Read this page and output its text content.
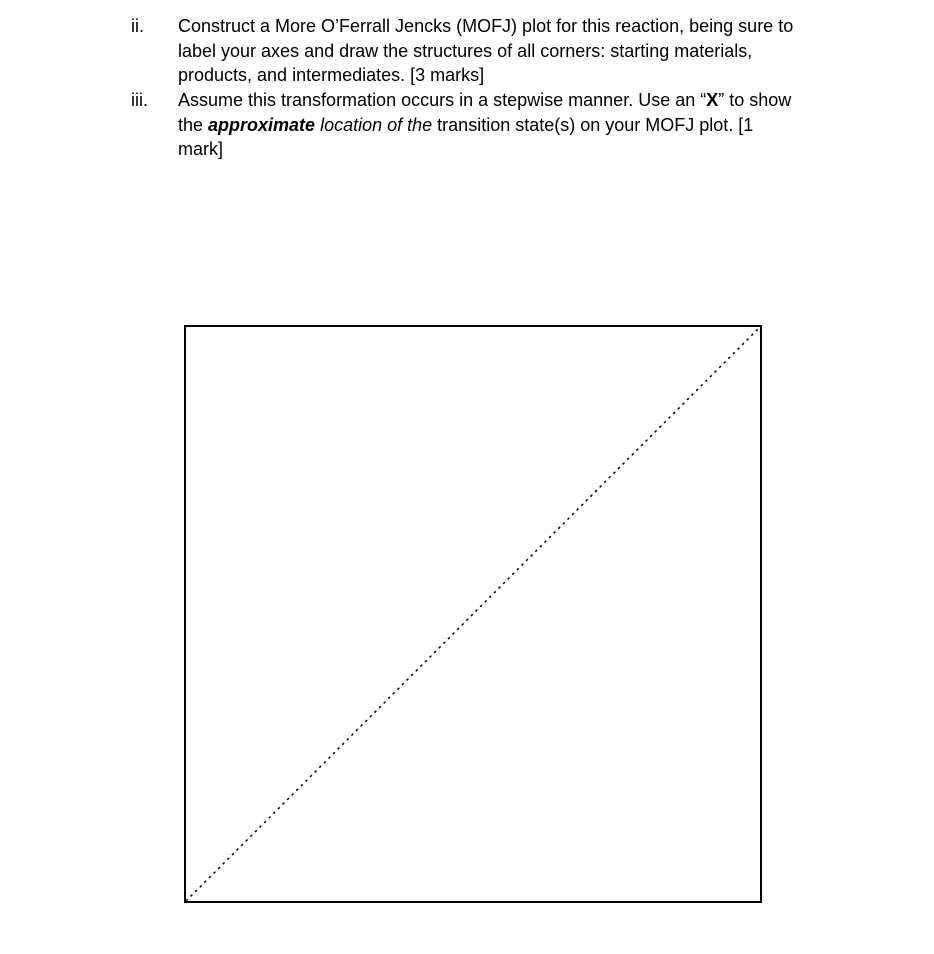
ii. Construct a More O’Ferrall Jencks (MOFJ) plot for this reaction, being sure to
label your axes and draw the structures of all corners: starting materials,
products, and intermediates. [3 marks]
iii. Assume this transformation occurs in a stepwise manner. Use an “X” to show
the approximate location of the transition state(s) on your MOFJ plot. [1
mark]
